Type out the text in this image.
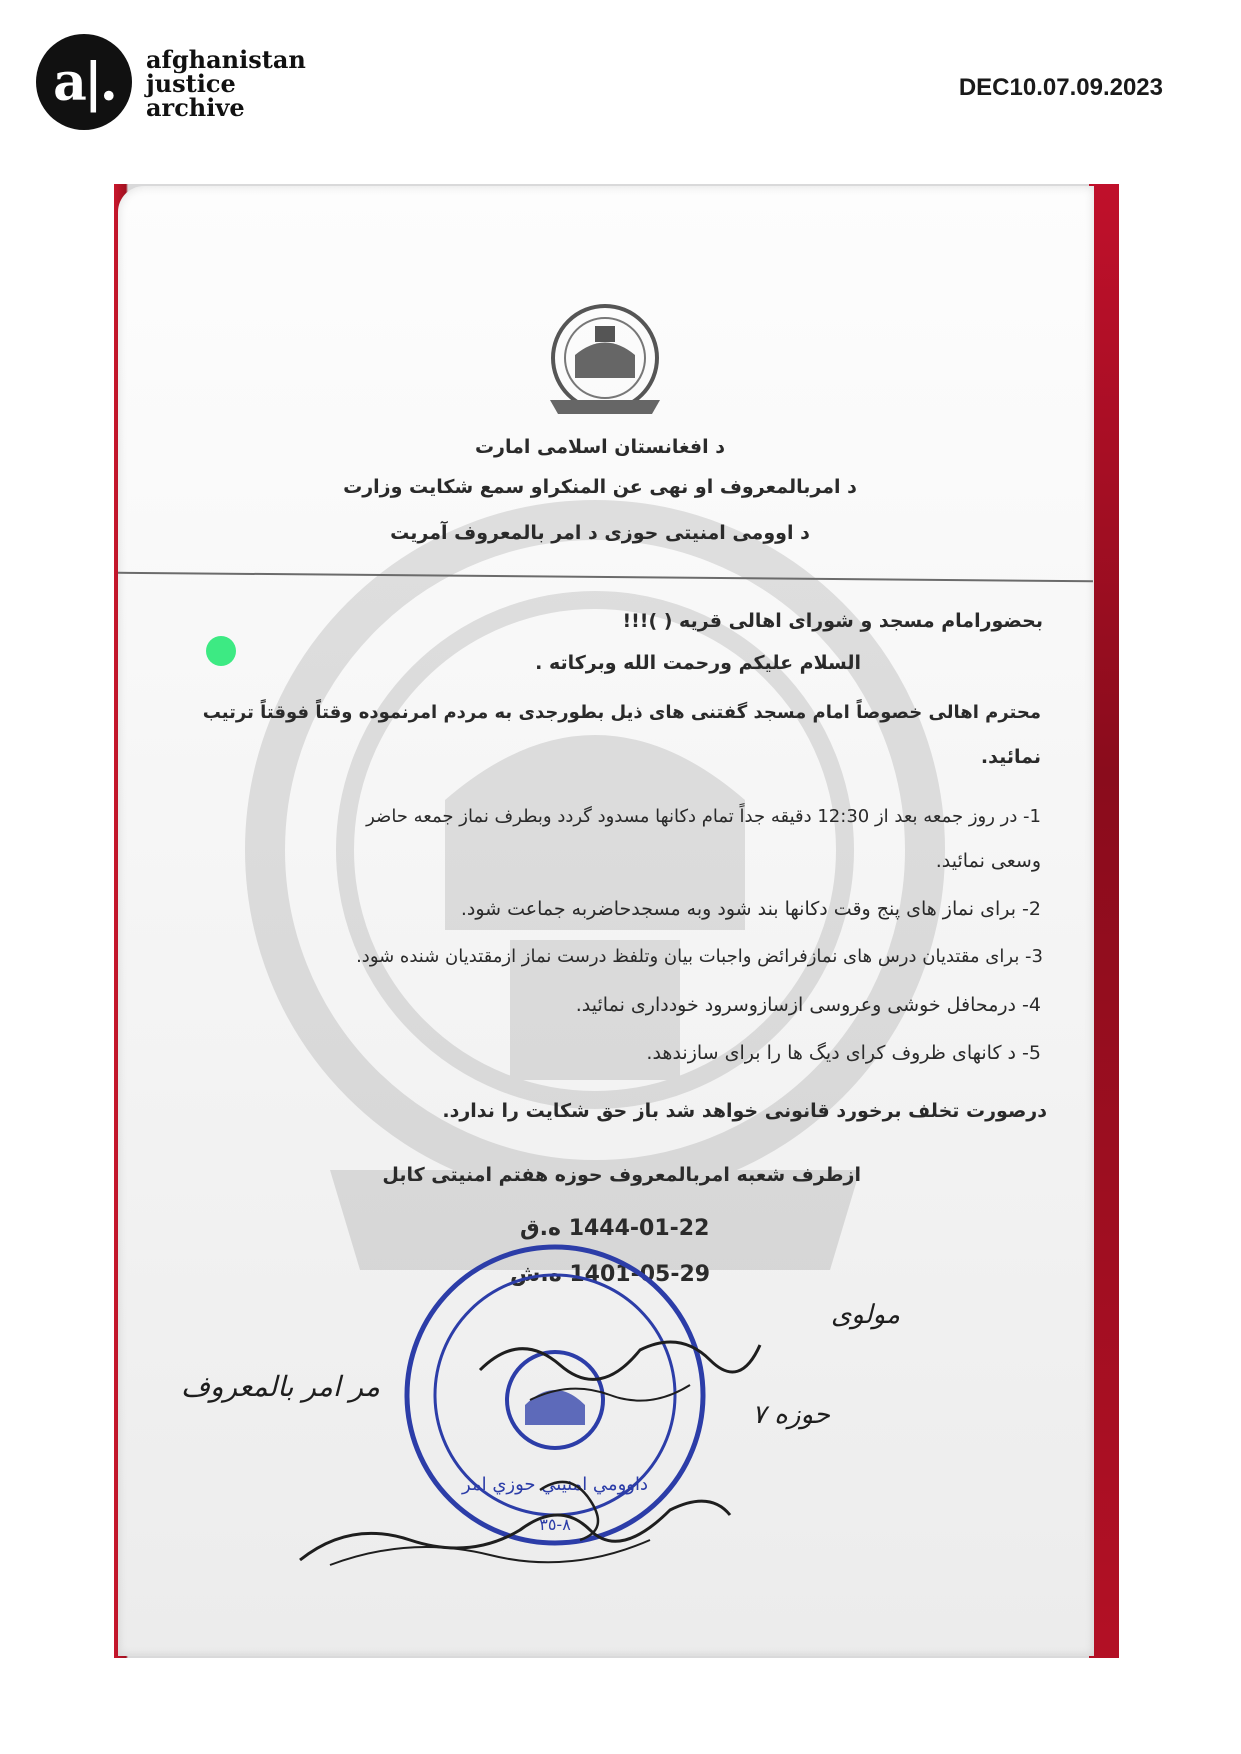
a|.	afghanistan
justice
archive
DEC10.07.09.2023
د افغانستان اسلامی امارت
د امربالمعروف او نهی عن المنکراو سمع شکایت وزارت
د اوومی امنیتی حوزی د امر بالمعروف آمریت
بحضورامام مسجد و شورای اهالی قریه ( )!!!
السلام علیکم ورحمت الله وبرکاته .
محترم اهالی خصوصاً امام مسجد گفتنی های ذیل بطورجدی به مردم امرنموده وقتاً فوقتاً ترتیب
نمائید.
1- در روز جمعه بعد از 12:30 دقیقه جداً تمام دکانها مسدود گردد وبطرف نماز جمعه حاضر
وسعی نمائید.
2- برای نماز های پنج وقت دکانها بند شود وبه مسجدحاضربه جماعت شود.
3- برای مقتدیان درس های نمازفرائض واجبات بیان وتلفظ درست نماز ازمقتدیان شنده شود.
4- درمحافل خوشی وعروسی ازسازوسرود خودداری نمائید.
5- د کانهای ظروف کرای دیگ ها را برای سازندهد.
درصورت تخلف برخورد قانونی خواهد شد باز حق شکایت را ندارد.
ازطرف شعبه امربالمعروف حوزه هفتم امنیتی کابل
1444-01-22 ه.ق
1401-05-29 ه.ش
داوومي امنيتي حوزي امر
٨-٣٥
مولوی
حوزه ۷
مر امر بالمعروف
